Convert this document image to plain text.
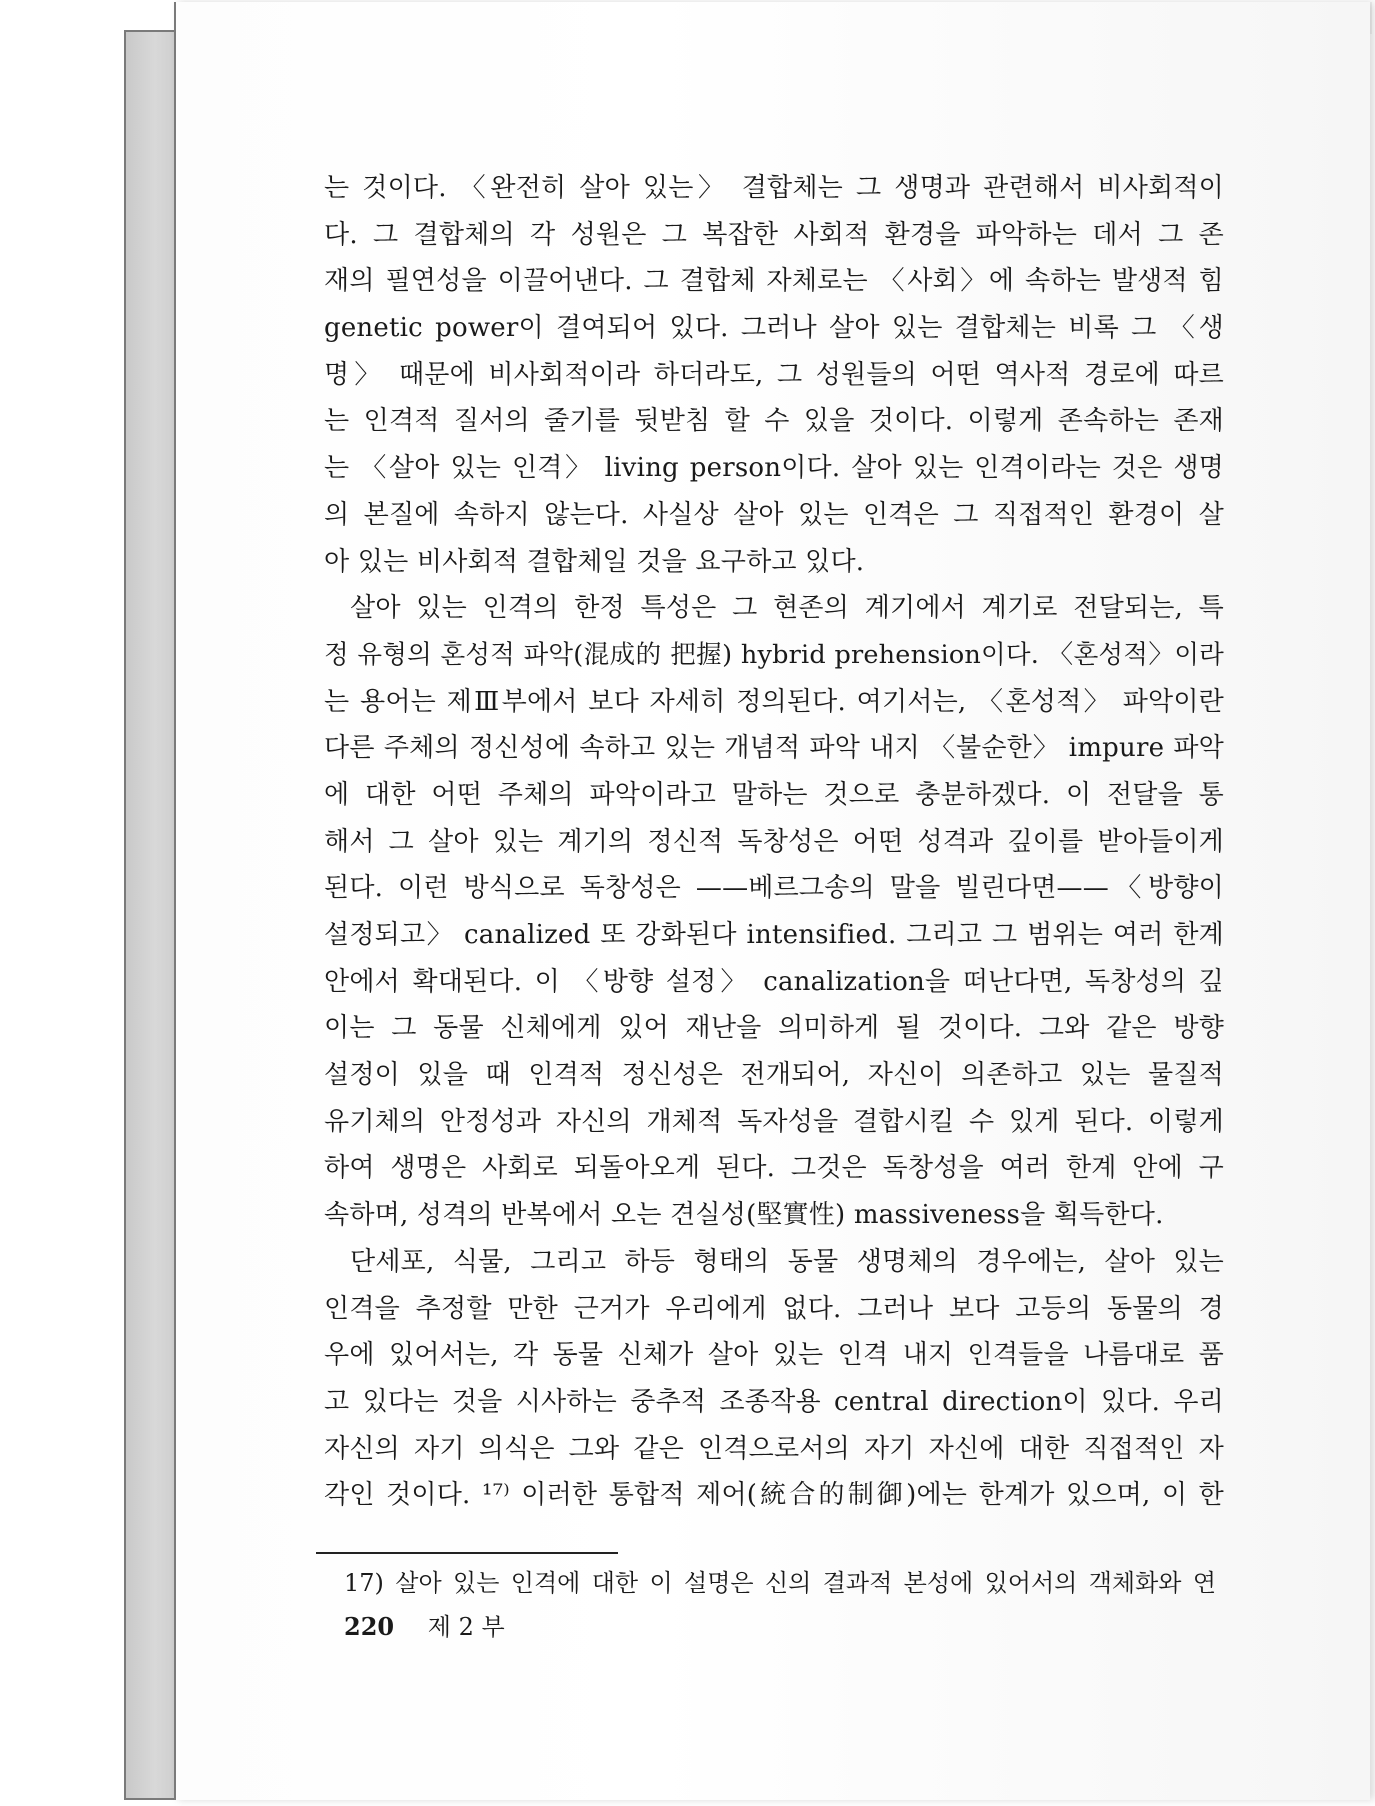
는 것이다. 〈완전히 살아 있는〉 결합체는 그 생명과 관련해서 비사회적이
다. 그 결합체의 각 성원은 그 복잡한 사회적 환경을 파악하는 데서 그 존
재의 필연성을 이끌어낸다. 그 결합체 자체로는 〈사회〉에 속하는 발생적 힘
genetic power이 결여되어 있다. 그러나 살아 있는 결합체는 비록 그 〈생
명〉 때문에 비사회적이라 하더라도, 그 성원들의 어떤 역사적 경로에 따르
는 인격적 질서의 줄기를 뒷받침 할 수 있을 것이다. 이렇게 존속하는 존재
는 〈살아 있는 인격〉 living person이다. 살아 있는 인격이라는 것은 생명
의 본질에 속하지 않는다. 사실상 살아 있는 인격은 그 직접적인 환경이 살
아 있는 비사회적 결합체일 것을 요구하고 있다.
살아 있는 인격의 한정 특성은 그 현존의 계기에서 계기로 전달되는, 특
정 유형의 혼성적 파악(混成的 把握) hybrid prehension이다. 〈혼성적〉이라
는 용어는 제Ⅲ부에서 보다 자세히 정의된다. 여기서는, 〈혼성적〉 파악이란
다른 주체의 정신성에 속하고 있는 개념적 파악 내지 〈불순한〉 impure 파악
에 대한 어떤 주체의 파악이라고 말하는 것으로 충분하겠다. 이 전달을 통
해서 그 살아 있는 계기의 정신적 독창성은 어떤 성격과 깊이를 받아들이게
된다. 이런 방식으로 독창성은 ——베르그송의 말을 빌린다면——〈방향이
설정되고〉 canalized 또 강화된다 intensified. 그리고 그 범위는 여러 한계
안에서 확대된다. 이 〈방향 설정〉 canalization을 떠난다면, 독창성의 깊
이는 그 동물 신체에게 있어 재난을 의미하게 될 것이다. 그와 같은 방향
설정이 있을 때 인격적 정신성은 전개되어, 자신이 의존하고 있는 물질적
유기체의 안정성과 자신의 개체적 독자성을 결합시킬 수 있게 된다. 이렇게
하여 생명은 사회로 되돌아오게 된다. 그것은 독창성을 여러 한계 안에 구
속하며, 성격의 반복에서 오는 견실성(堅實性) massiveness을 획득한다.
단세포, 식물, 그리고 하등 형태의 동물 생명체의 경우에는, 살아 있는
인격을 추정할 만한 근거가 우리에게 없다. 그러나 보다 고등의 동물의 경
우에 있어서는, 각 동물 신체가 살아 있는 인격 내지 인격들을 나름대로 품
고 있다는 것을 시사하는 중추적 조종작용 central direction이 있다. 우리
자신의 자기 의식은 그와 같은 인격으로서의 자기 자신에 대한 직접적인 자
각인 것이다. ¹⁷⁾ 이러한 통합적 제어(統合的制御)에는 한계가 있으며, 이 한
17) 살아 있는 인격에 대한 이 설명은 신의 결과적 본성에 있어서의 객체화와 연
220 제 2 부
